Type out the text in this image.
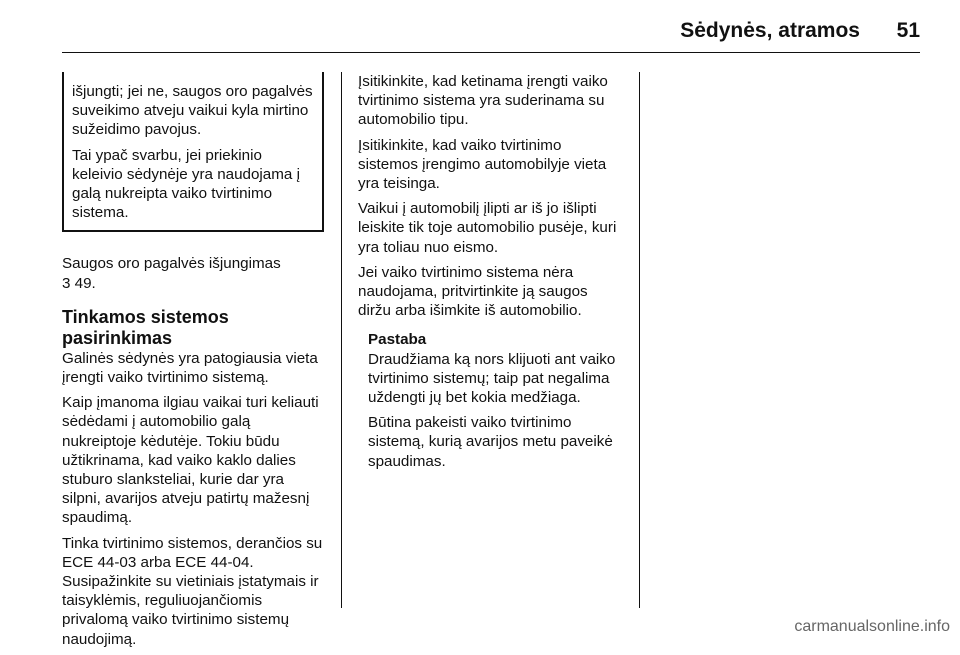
Sėdynės, atramos 51

išjungti; jei ne, saugos oro pagalvės suveikimo atveju vaikui kyla mirtino sužeidimo pavojus.

Tai ypač svarbu, jei priekinio keleivio sėdynėje yra naudojama į galą nukreipta vaiko tvirtinimo sistema.

Saugos oro pagalvės išjungimas
3 49.

Tinkamos sistemos pasirinkimas

Galinės sėdynės yra patogiausia vieta įrengti vaiko tvirtinimo sistemą.

Kaip įmanoma ilgiau vaikai turi keliauti sėdėdami į automobilio galą nukreiptoje kėdutėje. Tokiu būdu užtikrinama, kad vaiko kaklo dalies stuburo slanksteliai, kurie dar yra silpni, avarijos atveju patirtų mažesnį spaudimą.

Tinka tvirtinimo sistemos, derančios su ECE 44-03 arba ECE 44-04. Susipažinkite su vietiniais įstatymais ir taisyklėmis, reguliuojančiomis privalomą vaiko tvirtinimo sistemų naudojimą.

Įsitikinkite, kad ketinama įrengti vaiko tvirtinimo sistema yra suderinama su automobilio tipu.

Įsitikinkite, kad vaiko tvirtinimo sistemos įrengimo automobilyje vieta yra teisinga.

Vaikui į automobilį įlipti ar iš jo išlipti leiskite tik toje automobilio pusėje, kuri yra toliau nuo eismo.

Jei vaiko tvirtinimo sistema nėra naudojama, pritvirtinkite ją saugos diržu arba išimkite iš automobilio.

Pastaba

Draudžiama ką nors klijuoti ant vaiko tvirtinimo sistemų; taip pat negalima uždengti jų bet kokia medžiaga.

Būtina pakeisti vaiko tvirtinimo sistemą, kurią avarijos metu paveikė spaudimas.

carmanualsonline.info
